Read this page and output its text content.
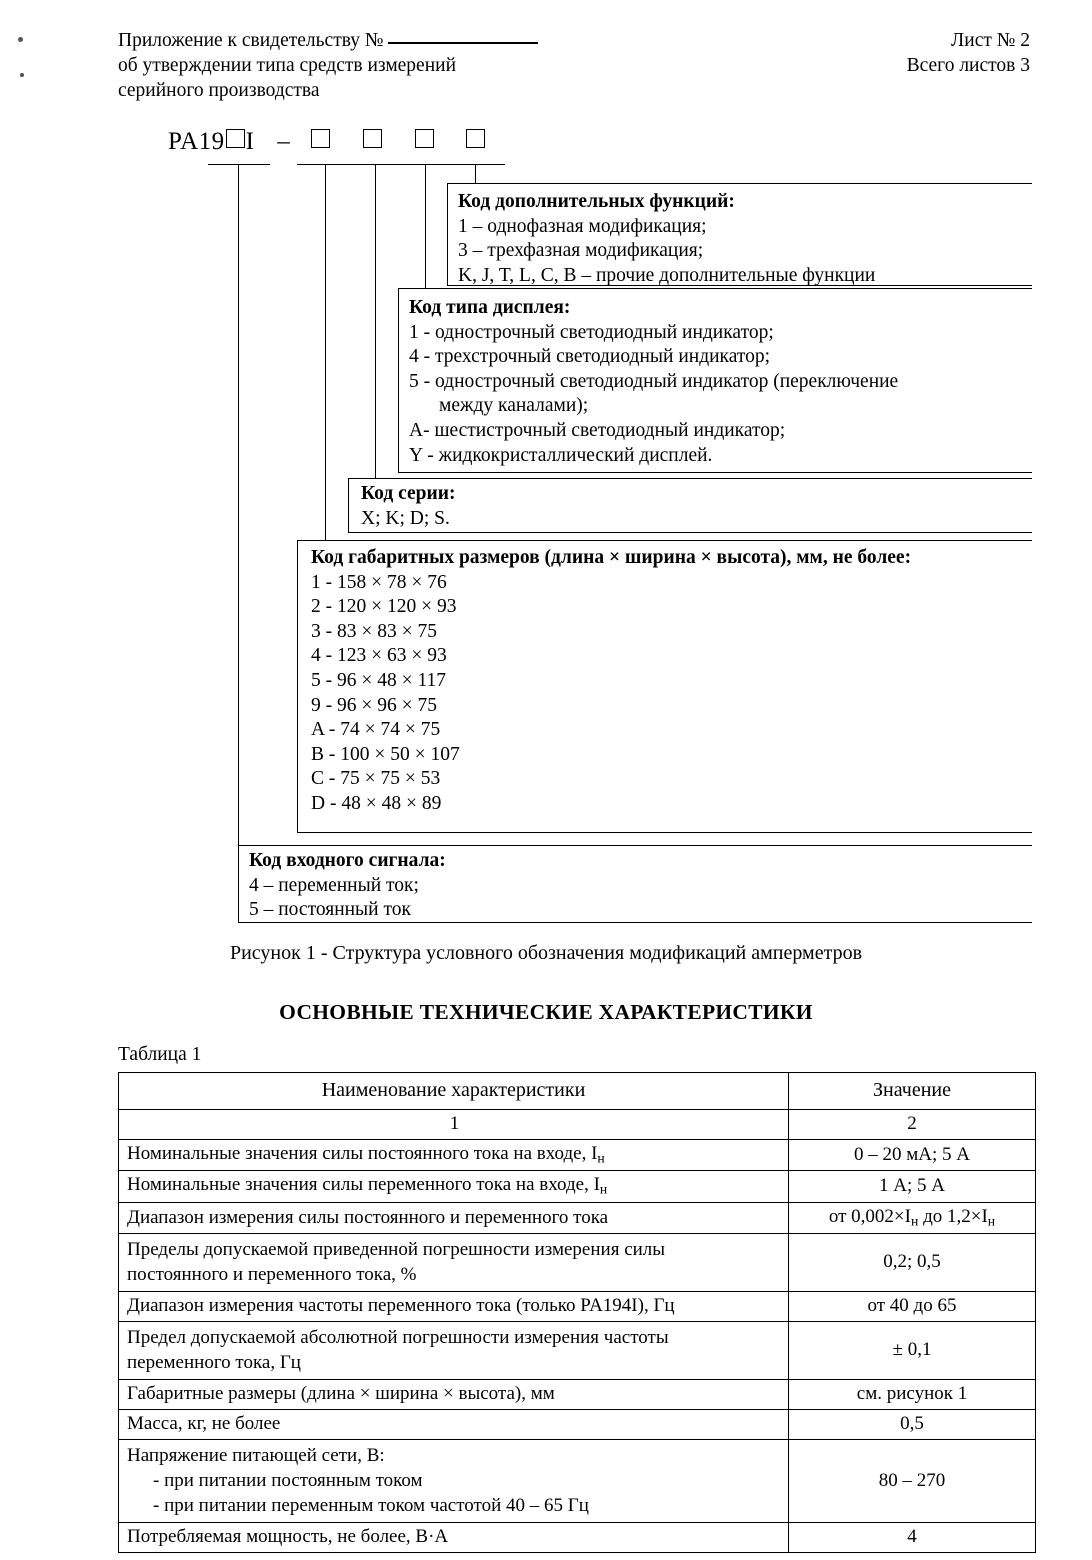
Приложение к свидетельству №
об утверждении типа средств измерений
серийного производства
Лист № 2
Всего листов 3
PA19 I –
Код дополнительных функций:
1 – однофазная модификация;
3 – трехфазная модификация;
K, J, T, L, C, B – прочие дополнительные функции
Код типа дисплея:
1 - однострочный светодиодный индикатор;
4 - трехстрочный светодиодный индикатор;
5 - однострочный светодиодный индикатор (переключение
между каналами);
A- шестистрочный светодиодный индикатор;
Y - жидкокристаллический дисплей.
Код серии:
X; K; D; S.
Код габаритных размеров (длина × ширина × высота), мм, не более:
1 - 158 × 78 × 76
2 - 120 × 120 × 93
3 - 83 × 83 × 75
4 - 123 × 63 × 93
5 - 96 × 48 × 117
9 - 96 × 96 × 75
A - 74 × 74 × 75
B - 100 × 50 × 107
C - 75 × 75 × 53
D - 48 × 48 × 89
Код входного сигнала:
4 – переменный ток;
5 – постоянный ток
Рисунок 1 - Структура условного обозначения модификаций амперметров
ОСНОВНЫЕ ТЕХНИЧЕСКИЕ ХАРАКТЕРИСТИКИ
Таблица 1
Наименование характеристики	Значение
1	2
Номинальные значения силы постоянного тока на входе, $I_н$	0 – 20 мА; 5 А
Номинальные значения силы переменного тока на входе, $I_н$	1 А; 5 А
Диапазон измерения силы постоянного и переменного тока	от $0,002\times I_н$ до $1,2\times I_н$
Пределы допускаемой приведенной погрешности измерения силы
постоянного и переменного тока, %	0,2; 0,5
Диапазон измерения частоты переменного тока (только PA194I), Гц	от 40 до 65
Предел допускаемой абсолютной погрешности измерения частоты
переменного тока, Гц	± 0,1
Габаритные размеры (длина × ширина × высота), мм	см. рисунок 1
Масса, кг, не более	0,5
Напряжение питающей сети, В:
- при питании постоянным током
- при питании переменным током частотой 40 – 65 Гц	80 – 270
Потребляемая мощность, не более, В·А	4
